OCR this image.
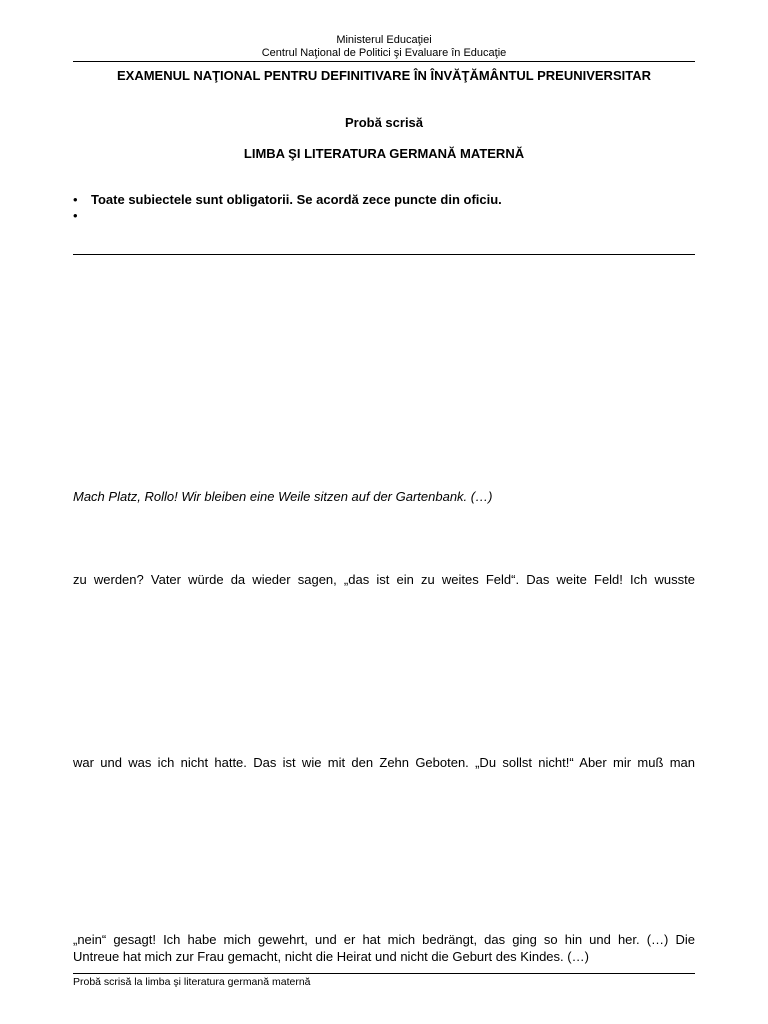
Ministerul Educaţiei
Centrul Naţional de Politici şi Evaluare în Educaţie
EXAMENUL NAŢIONAL PENTRU DEFINITIVARE ÎN ÎNVĂŢĂMÂNTUL PREUNIVERSITAR
Probă scrisă
LIMBA ŞI LITERATURA GERMANĂ MATERNĂ
• Toate subiectele sunt obligatorii. Se acordă zece puncte din oficiu.
•
Mach Platz, Rollo! Wir bleiben eine Weile sitzen auf der Gartenbank. (…)
zu werden? Vater würde da wieder sagen, „das ist ein zu weites Feld“. Das weite Feld! Ich wusste
war und was ich nicht hatte. Das ist wie mit den Zehn Geboten. „Du sollst nicht!“ Aber mir muß man
„nein“ gesagt! Ich habe mich gewehrt, und er hat mich bedrängt, das ging so hin und her. (…) Die
Untreue hat mich zur Frau gemacht, nicht die Heirat und nicht die Geburt des Kindes. (…)
Probă scrisă la limba şi literatura germană maternă
